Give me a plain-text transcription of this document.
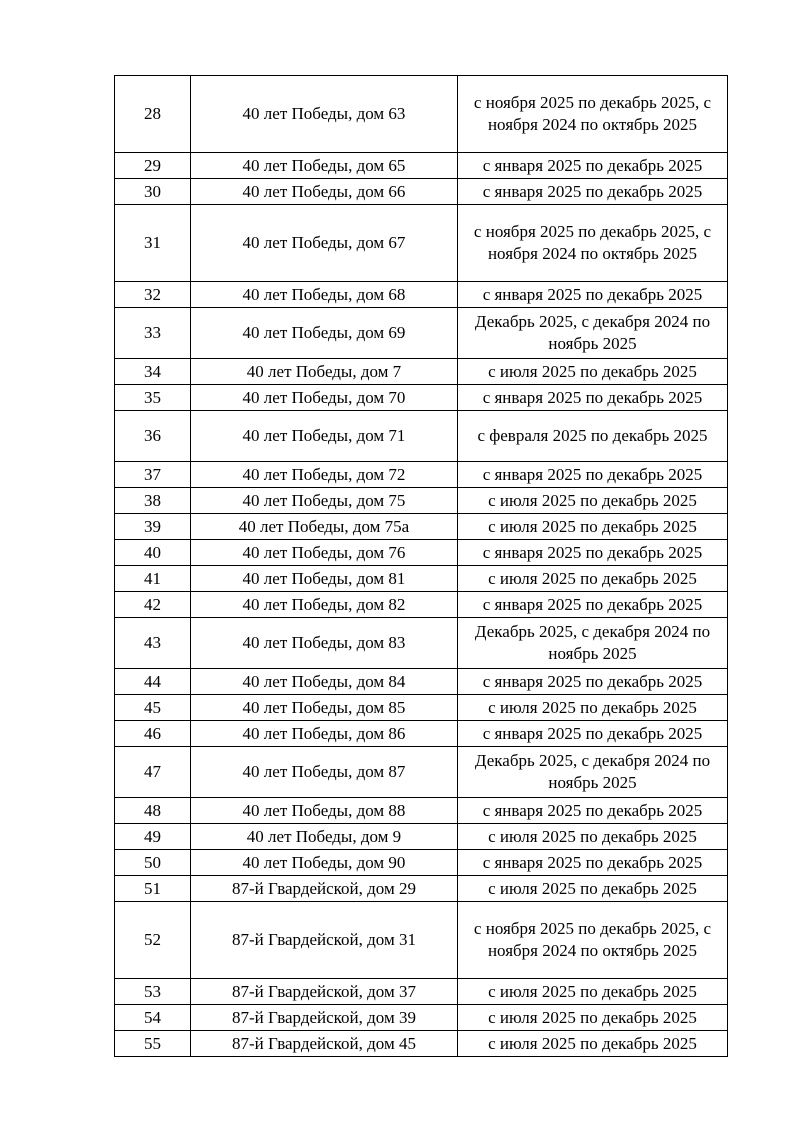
28	40 лет Победы, дом 63	с ноября 2025 по декабрь 2025, с ноября 2024 по октябрь 2025
29	40 лет Победы, дом 65	с января 2025 по декабрь 2025
30	40 лет Победы, дом 66	с января 2025 по декабрь 2025
31	40 лет Победы, дом 67	с ноября 2025 по декабрь 2025, с ноября 2024 по октябрь 2025
32	40 лет Победы, дом 68	с января 2025 по декабрь 2025
33	40 лет Победы, дом 69	Декабрь 2025, с декабря 2024 по ноябрь 2025
34	40 лет Победы, дом 7	с июля 2025 по декабрь 2025
35	40 лет Победы, дом 70	с января 2025 по декабрь 2025
36	40 лет Победы, дом 71	с февраля 2025 по декабрь 2025
37	40 лет Победы, дом 72	с января 2025 по декабрь 2025
38	40 лет Победы, дом 75	с июля 2025 по декабрь 2025
39	40 лет Победы, дом 75а	с июля 2025 по декабрь 2025
40	40 лет Победы, дом 76	с января 2025 по декабрь 2025
41	40 лет Победы, дом 81	с июля 2025 по декабрь 2025
42	40 лет Победы, дом 82	с января 2025 по декабрь 2025
43	40 лет Победы, дом 83	Декабрь 2025, с декабря 2024 по ноябрь 2025
44	40 лет Победы, дом 84	с января 2025 по декабрь 2025
45	40 лет Победы, дом 85	с июля 2025 по декабрь 2025
46	40 лет Победы, дом 86	с января 2025 по декабрь 2025
47	40 лет Победы, дом 87	Декабрь 2025, с декабря 2024 по ноябрь 2025
48	40 лет Победы, дом 88	с января 2025 по декабрь 2025
49	40 лет Победы, дом 9	с июля 2025 по декабрь 2025
50	40 лет Победы, дом 90	с января 2025 по декабрь 2025
51	87-й Гвардейской, дом 29	с июля 2025 по декабрь 2025
52	87-й Гвардейской, дом 31	с ноября 2025 по декабрь 2025, с ноября 2024 по октябрь 2025
53	87-й Гвардейской, дом 37	с июля 2025 по декабрь 2025
54	87-й Гвардейской, дом 39	с июля 2025 по декабрь 2025
55	87-й Гвардейской, дом 45	с июля 2025 по декабрь 2025
